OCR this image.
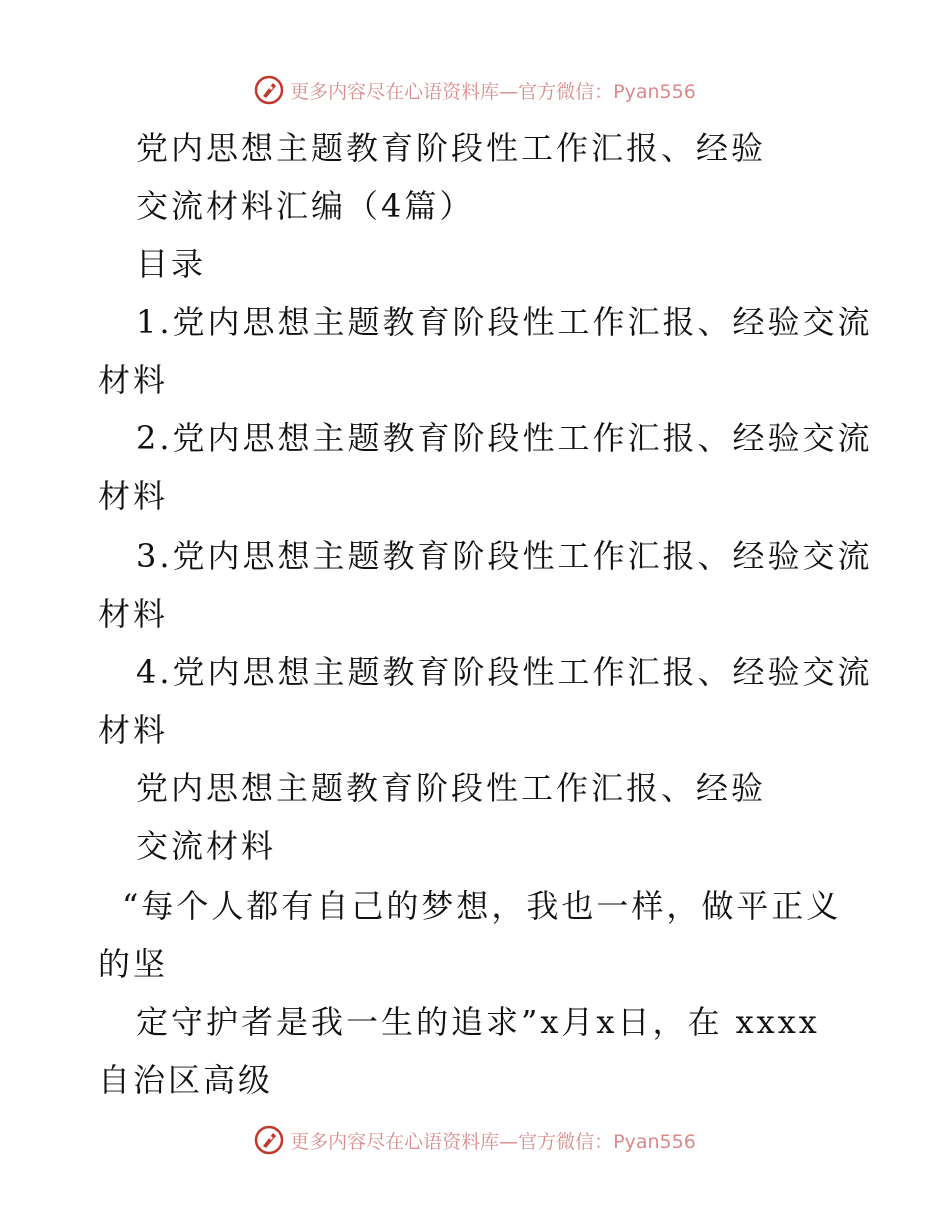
更多内容尽在心语资料库—官方微信：Pyan556
党内思想主题教育阶段性工作汇报、经验
交流材料汇编（4篇）
目录
1.党内思想主题教育阶段性工作汇报、经验交流
材料
2.党内思想主题教育阶段性工作汇报、经验交流
材料
3.党内思想主题教育阶段性工作汇报、经验交流
材料
4.党内思想主题教育阶段性工作汇报、经验交流
材料
党内思想主题教育阶段性工作汇报、经验
交流材料
“每个人都有自己的梦想，我也一样，做平正义
的坚
定守护者是我一生的追求”x月x日，在 xxxx
自治区高级
更多内容尽在心语资料库—官方微信：Pyan556
